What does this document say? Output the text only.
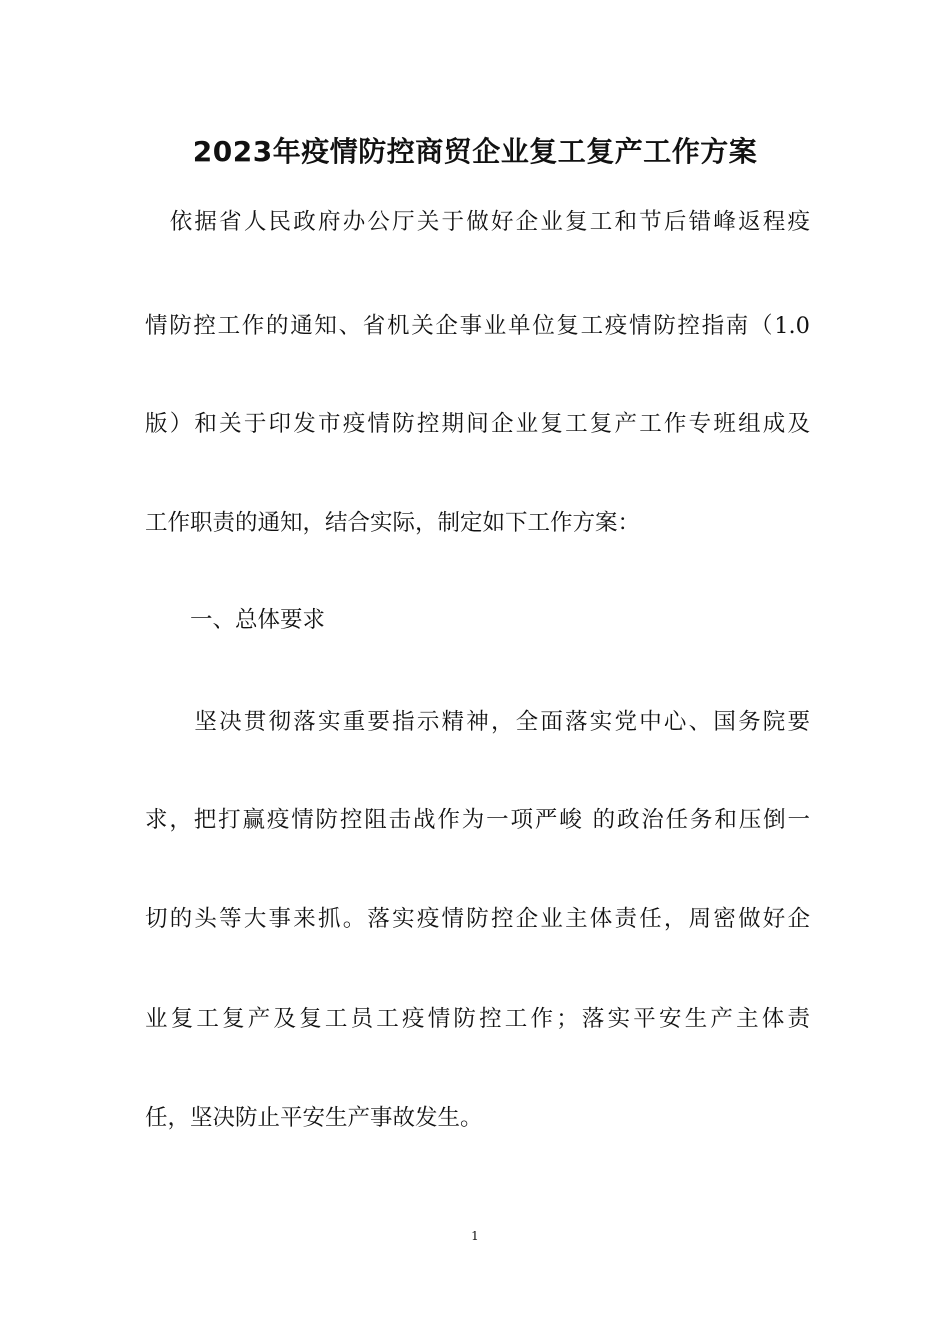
2023年疫情防控商贸企业复工复产工作方案

　依据省人民政府办公厅关于做好企业复工和节后错峰返程疫

情防控工作的通知、省机关企事业单位复工疫情防控指南（1.0

版）和关于印发市疫情防控期间企业复工复产工作专班组成及

工作职责的通知，结合实际，制定如下工作方案：

　　一、总体要求

　　坚决贯彻落实重要指示精神，全面落实党中心、国务院要

求，把打赢疫情防控阻击战作为一项严峻 的政治任务和压倒一

切的头等大事来抓。落实疫情防控企业主体责任，周密做好企

业复工复产及复工员工疫情防控工作；落实平安生产主体责

任，坚决防止平安生产事故发生。

1
